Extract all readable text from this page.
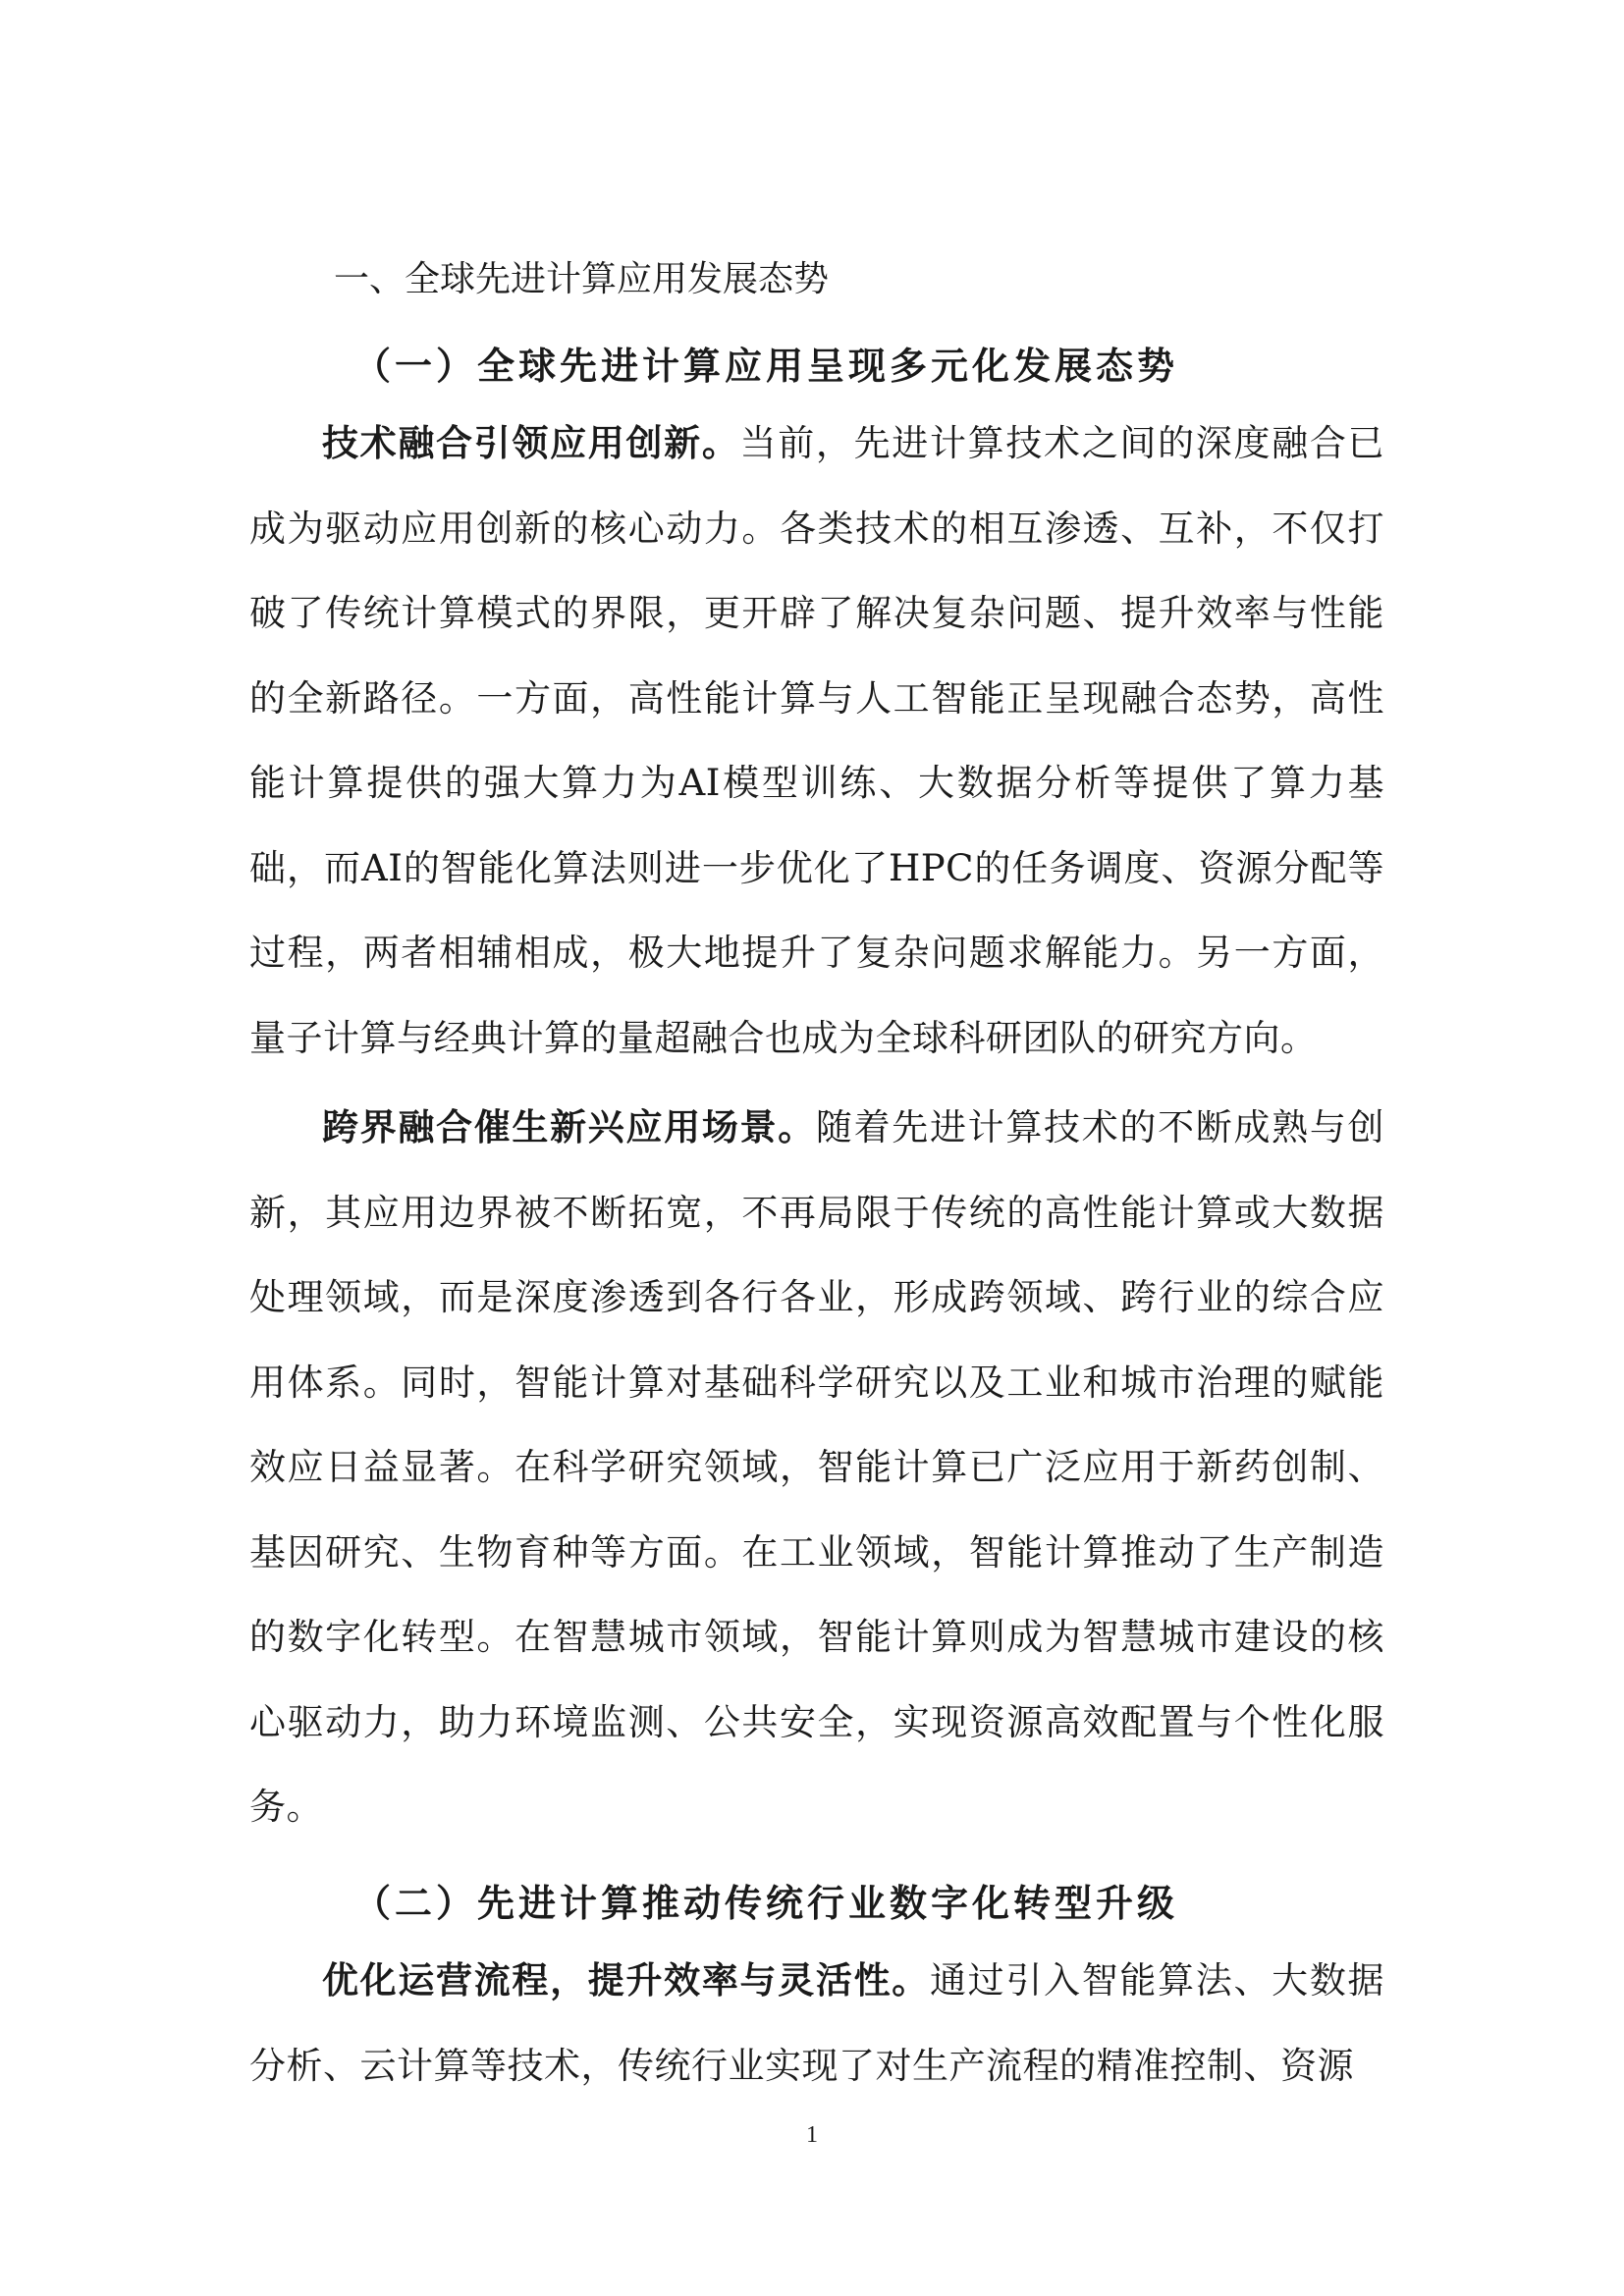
一、全球先进计算应用发展态势
（一）全球先进计算应用呈现多元化发展态势

技术融合引领应用创新。当前，先进计算技术之间的深度融合已成为驱动应用创新的核心动力。各类技术的相互渗透、互补，不仅打破了传统计算模式的界限，更开辟了解决复杂问题、提升效率与性能的全新路径。一方面，高性能计算与人工智能正呈现融合态势，高性能计算提供的强大算力为AI模型训练、大数据分析等提供了算力基础，而AI的智能化算法则进一步优化了HPC的任务调度、资源分配等过程，两者相辅相成，极大地提升了复杂问题求解能力。另一方面，量子计算与经典计算的量超融合也成为全球科研团队的研究方向。

跨界融合催生新兴应用场景。随着先进计算技术的不断成熟与创新，其应用边界被不断拓宽，不再局限于传统的高性能计算或大数据处理领域，而是深度渗透到各行各业，形成跨领域、跨行业的综合应用体系。同时，智能计算对基础科学研究以及工业和城市治理的赋能效应日益显著。在科学研究领域，智能计算已广泛应用于新药创制、基因研究、生物育种等方面。在工业领域，智能计算推动了生产制造的数字化转型。在智慧城市领域，智能计算则成为智慧城市建设的核心驱动力，助力环境监测、公共安全，实现资源高效配置与个性化服务。

（二）先进计算推动传统行业数字化转型升级

优化运营流程，提升效率与灵活性。通过引入智能算法、大数据分析、云计算等技术，传统行业实现了对生产流程的精准控制、资源

1
